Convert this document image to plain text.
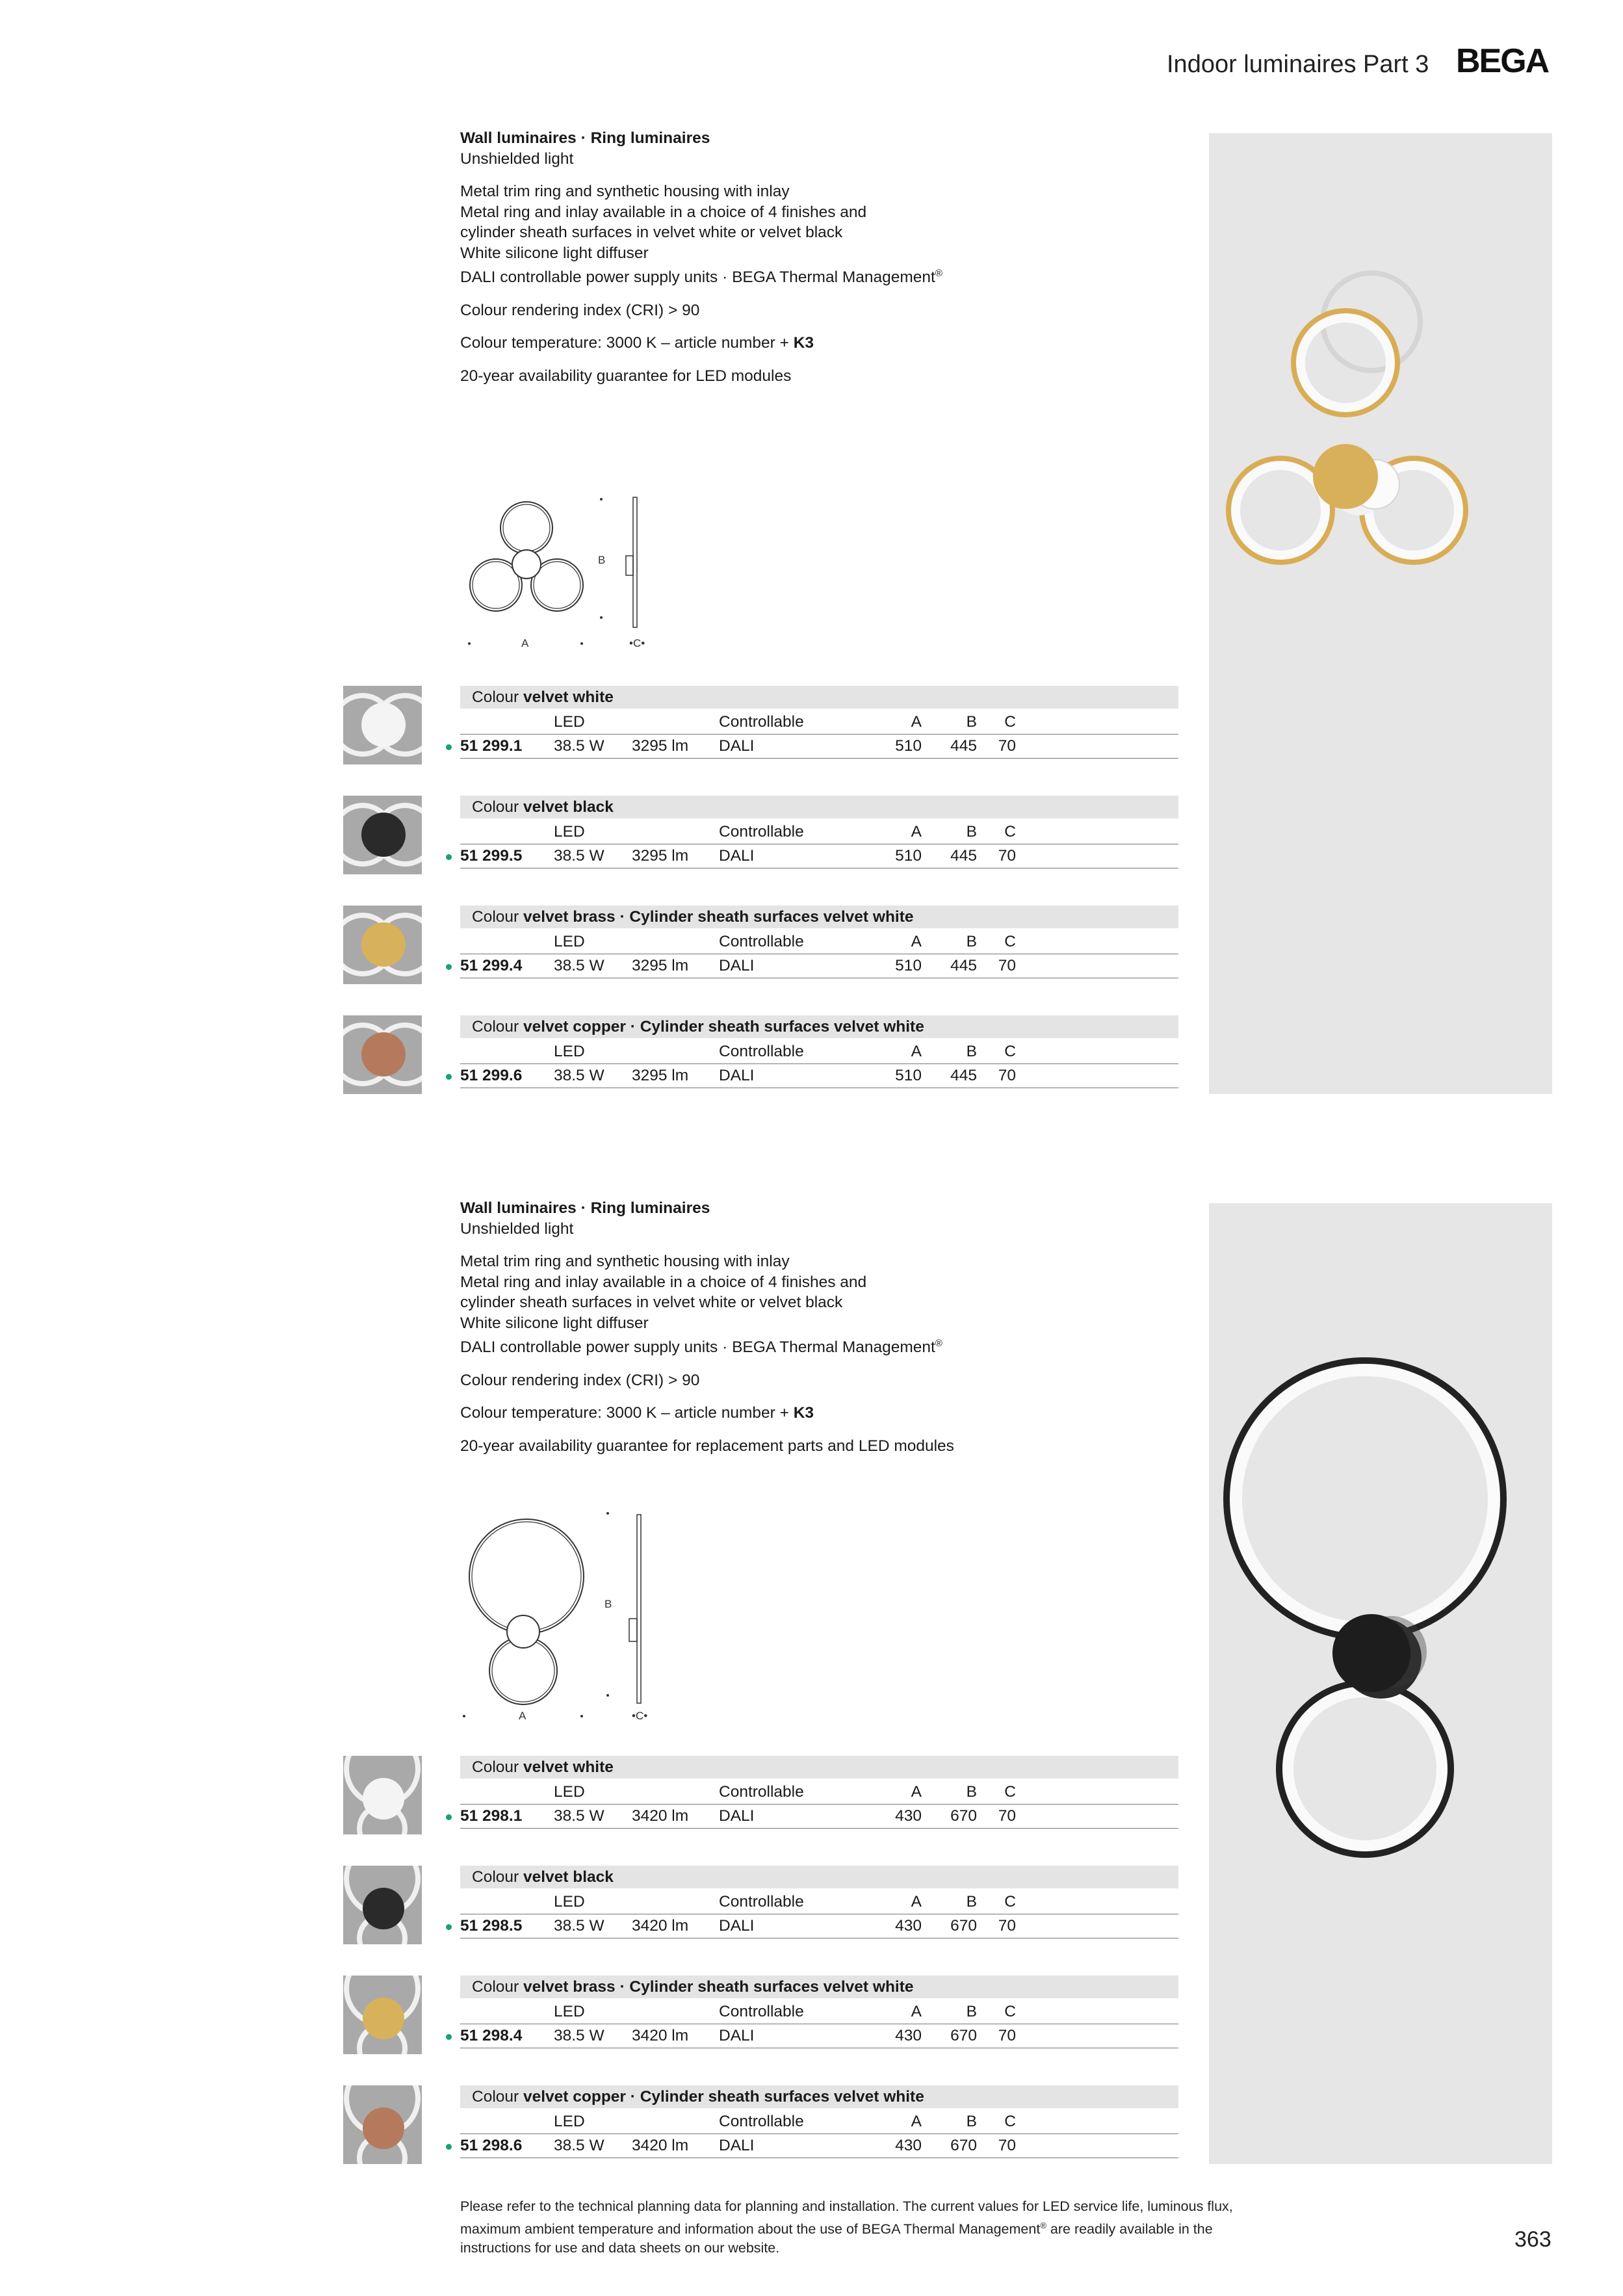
Indoor luminaires Part 3 BEGA

Wall luminaires · Ring luminaires

Unshielded light

Metal trim ring and synthetic housing with inlay

Metal ring and inlay available in a choice of 4 finishes and

cylinder sheath surfaces in velvet white or velvet black

White silicone light diffuser

DALI controllable power supply units · BEGA Thermal Management®

Colour rendering index (CRI) > 90

Colour temperature: 3000 K – article number + K3

20-year availability guarantee for LED modules

B
A	•C•
Colour velvet white
LED	Controllable	A	B C
51 299.1 38.5 W 3295 lm DALI	510 445 70
Colour velvet black
LED	Controllable	A	B C
51 299.5 38.5 W 3295 lm DALI	510 445 70
Colour velvet brass · Cylinder sheath surfaces velvet white
LED	Controllable	A	B C
51 299.4 38.5 W 3295 lm DALI	510 445 70
Colour velvet copper · Cylinder sheath surfaces velvet white
LED	Controllable	A	B C
51 299.6 38.5 W 3295 lm DALI	510 445 70

Wall luminaires · Ring luminaires

Unshielded light

Metal trim ring and synthetic housing with inlay

Metal ring and inlay available in a choice of 4 finishes and

cylinder sheath surfaces in velvet white or velvet black

White silicone light diffuser

DALI controllable power supply units · BEGA Thermal Management®

Colour rendering index (CRI) > 90

Colour temperature: 3000 K – article number + K3

20-year availability guarantee for replacement parts and LED modules

B
A	•C•
Colour velvet white
LED	Controllable	A	B C
51 298.1 38.5 W 3420 lm DALI	430 670 70
Colour velvet black
LED	Controllable	A	B C
51 298.5 38.5 W 3420 lm DALI	430 670 70
Colour velvet brass · Cylinder sheath surfaces velvet white
LED	Controllable	A	B C
51 298.4 38.5 W 3420 lm DALI	430 670 70
Colour velvet copper · Cylinder sheath surfaces velvet white
LED	Controllable	A	B C
51 298.6 38.5 W 3420 lm DALI	430 670 70
Please refer to the technical planning data for planning and installation. The current values for LED service life, luminous flux,
maximum ambient temperature and information about the use of BEGA Thermal Management® are readily available in the
instructions for use and data sheets on our website.	363
